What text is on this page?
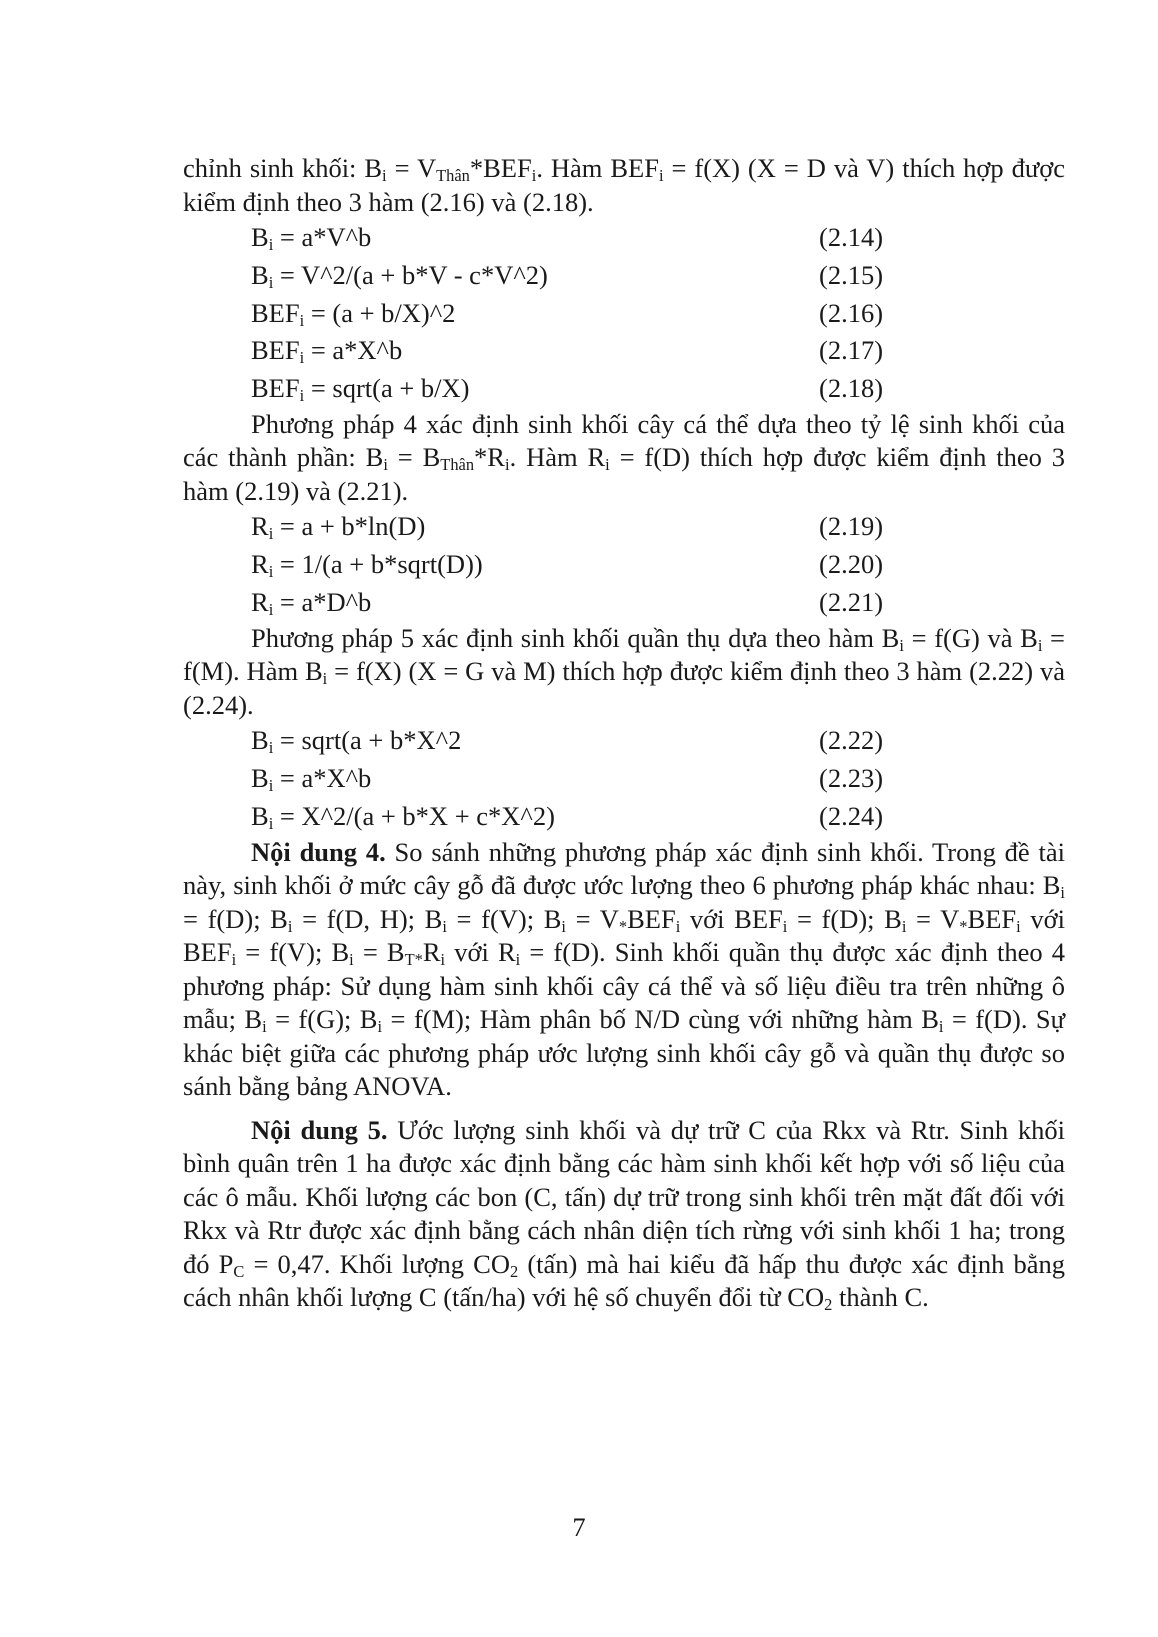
chỉnh sinh khối: $B_i = V_{Thân}*BEF_i$. Hàm $BEF_i = f(X) (X = D$ và V) thích hợp được kiểm định theo 3 hàm (2.16) và (2.18).

$B_i$ = a*V^b	(2.14)
$B_i$ = V^2/(a + b*V - c*V^2)	(2.15)
$BEF_i = (a$ + b/X)^2	(2.16)
$BEF_i$ = a*X^b	(2.17)
$BEF_i$ = sqrt(a + b/X)	(2.18)

Phương pháp 4 xác định sinh khối cây cá thể dựa theo tỷ lệ sinh khối của các thành phần: $B_i = B_{Thân}*R_i$. Hàm $R_i = f(D)$ thích hợp được kiểm định theo 3 hàm (2.19) và (2.21).

$R_i = a + b*\ln(D)$	(2.19)
$R_i = 1/(a$ + b*sqrt(D))	(2.20)
$R_i$ = a*D^b	(2.21)

Phương pháp 5 xác định sinh khối quần thụ dựa theo hàm $B_i = f(G)$ và $B_i = f(M)$. Hàm $B_i = f(X) (X = G$ và M) thích hợp được kiểm định theo 3 hàm (2.22) và (2.24).

$B_i$ = sqrt(a + b*X^2	(2.22)
$B_i$ = a*X^b	(2.23)
$B_i$ = X^2/(a + b*X + c*X^2)	(2.24)

Nội dung 4. So sánh những phương pháp xác định sinh khối. Trong đề tài này, sinh khối ở mức cây gỗ đã được ước lượng theo 6 phương pháp khác nhau: $B_i = f(D)$; $B_i = f(D$, H); $B_i = f(V)$; $B_i = V_*BEF_i$ với $BEF_i = f(D)$; $B_i = V_*BEF_i$ với $BEF_i = f(V)$; $B_i = B_{T*}R_i$ với $R_i = f(D)$. Sinh khối quần thụ được xác định theo 4 phương pháp: Sử dụng hàm sinh khối cây cá thể và số liệu điều tra trên những ô mẫu; $B_i = f(G)$; $B_i = f(M)$; Hàm phân bố N/D cùng với những hàm $B_i = f(D)$. Sự khác biệt giữa các phương pháp ước lượng sinh khối cây gỗ và quần thụ được so sánh bằng bảng ANOVA.

Nội dung 5. Ước lượng sinh khối và dự trữ C của Rkx và Rtr. Sinh khối bình quân trên 1 ha được xác định bằng các hàm sinh khối kết hợp với số liệu của các ô mẫu. Khối lượng các bon (C, tấn) dự trữ trong sinh khối trên mặt đất đối với Rkx và Rtr được xác định bằng cách nhân diện tích rừng với sinh khối 1 ha; trong đó $P_C = 0,47$. Khối lượng $CO_2$ (tấn) mà hai kiểu đã hấp thu được xác định bằng cách nhân khối lượng C (tấn/ha) với hệ số chuyển đổi từ $CO_2$ thành C.

7
